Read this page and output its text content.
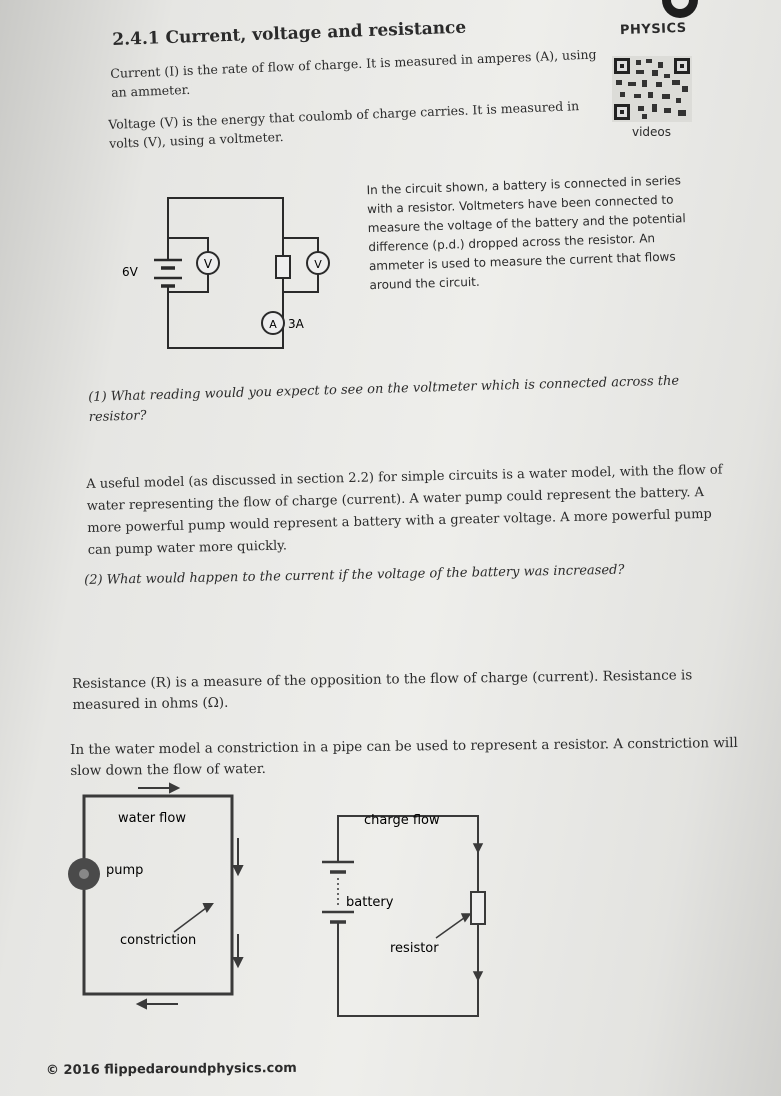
2.4.1 Current, voltage and resistance	PHYSICS
videos
Current (I) is the rate of flow of charge. It is measured in amperes (A), using an ammeter.
Voltage (V) is the energy that coulomb of charge carries. It is measured in volts (V), using a voltmeter.
V	V
A 3A
6V
In the circuit shown, a battery is connected in series with a resistor. Voltmeters have been connected to measure the voltage of the battery and the potential difference (p.d.) dropped across the resistor. An ammeter is used to measure the current that flows around the circuit.
(1) What reading would you expect to see on the voltmeter which is connected across the resistor?
A useful model (as discussed in section 2.2) for simple circuits is a water model, with the flow of water representing the flow of charge (current). A water pump could represent the battery. A more powerful pump would represent a battery with a greater voltage. A more powerful pump can pump water more quickly.
(2) What would happen to the current if the voltage of the battery was increased?
Resistance (R) is a measure of the opposition to the flow of charge (current). Resistance is measured in ohms (Ω).
In the water model a constriction in a pipe can be used to represent a resistor. A constriction will slow down the flow of water.
water flow
pump
constriction
charge flow
battery
resistor
© 2016 flippedaroundphysics.com
